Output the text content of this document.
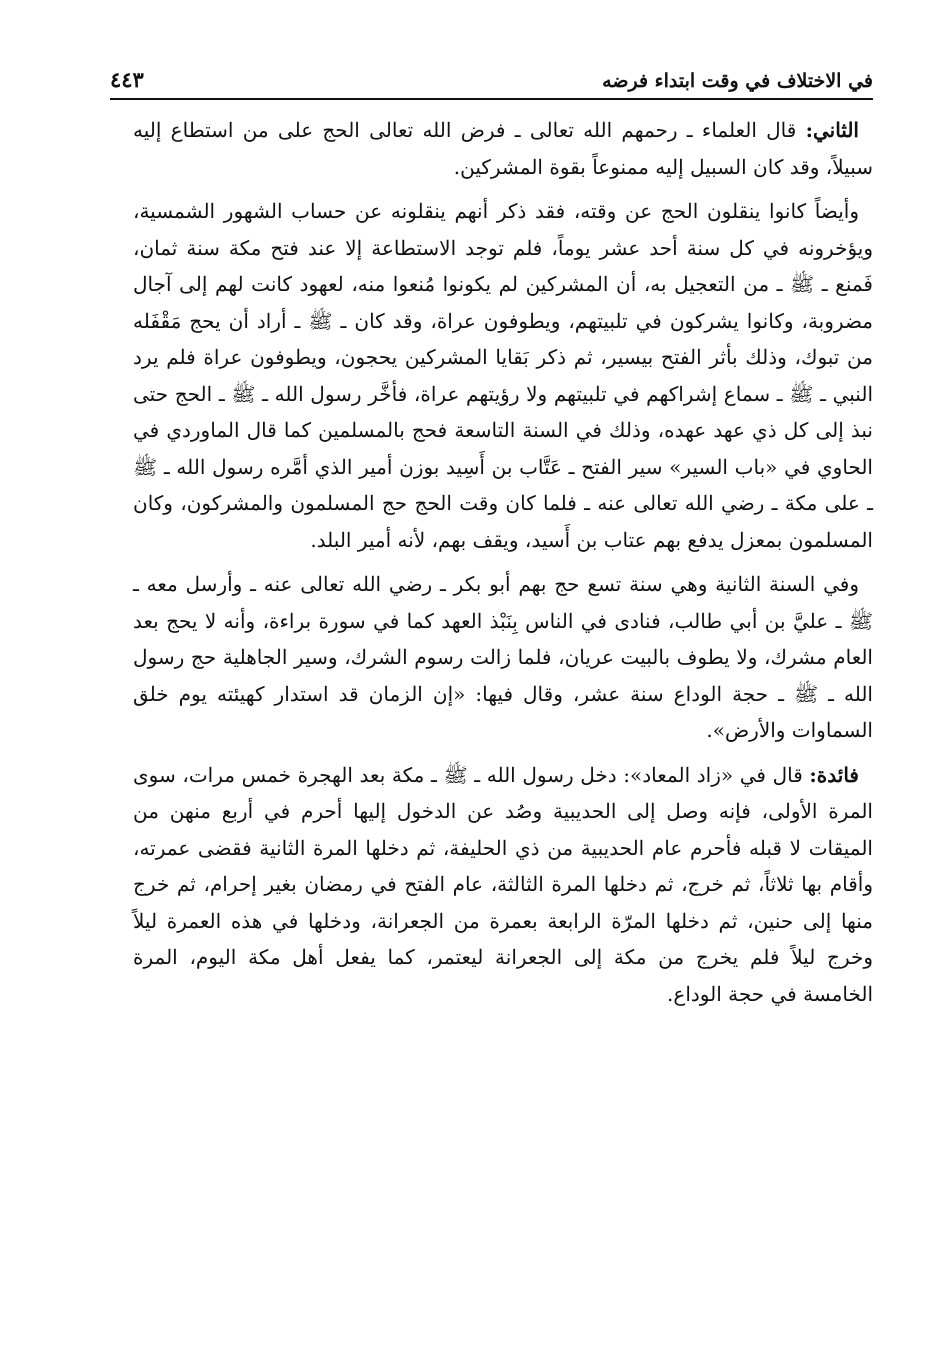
في الاختلاف في وقت ابتداء فرضه
٤٤٣

الثاني: قال العلماء ـ رحمهم الله تعالى ـ فرض الله تعالى الحج على من استطاع إليه سبيلاً، وقد كان السبيل إليه ممنوعاً بقوة المشركين.

وأيضاً كانوا ينقلون الحج عن وقته، فقد ذكر أنهم ينقلونه عن حساب الشهور الشمسية، ويؤخرونه في كل سنة أحد عشر يوماً، فلم توجد الاستطاعة إلا عند فتح مكة سنة ثمان، فَمنع ـ ﷺ ـ من التعجيل به، أن المشركين لم يكونوا مُنعوا منه، لعهود كانت لهم إلى آجال مضروبة، وكانوا يشركون في تلبيتهم، ويطوفون عراة، وقد كان ـ ﷺ ـ أراد أن يحج مَقْفَله من تبوك، وذلك بأثر الفتح بيسير، ثم ذكر بَقايا المشركين يحجون، ويطوفون عراة فلم يرد النبي ـ ﷺ ـ سماع إشراكهم في تلبيتهم ولا رؤيتهم عراة، فأخَّر رسول الله ـ ﷺ ـ الحج حتى نبذ إلى كل ذي عهد عهده، وذلك في السنة التاسعة فحج بالمسلمين كما قال الماوردي في الحاوي في «باب السير» سير الفتح ـ عَتَّاب بن أَسِيد بوزن أمير الذي أمَّره رسول الله ـ ﷺ ـ على مكة ـ رضي الله تعالى عنه ـ فلما كان وقت الحج حج المسلمون والمشركون، وكان المسلمون بمعزل يدفع بهم عتاب بن أَسيد، ويقف بهم، لأنه أمير البلد.

وفي السنة الثانية وهي سنة تسع حج بهم أبو بكر ـ رضي الله تعالى عنه ـ وأرسل معه ـ ﷺ ـ عليَّ بن أبي طالب، فنادى في الناس بِنَبْذ العهد كما في سورة براءة، وأنه لا يحج بعد العام مشرك، ولا يطوف بالبيت عريان، فلما زالت رسوم الشرك، وسير الجاهلية حج رسول الله ـ ﷺ ـ حجة الوداع سنة عشر، وقال فيها: «إن الزمان قد استدار كهيئته يوم خلق السماوات والأرض».

فائدة: قال في «زاد المعاد»: دخل رسول الله ـ ﷺ ـ مكة بعد الهجرة خمس مرات، سوى المرة الأولى، فإنه وصل إلى الحديبية وصُد عن الدخول إليها أحرم في أربع منهن من الميقات لا قبله فأحرم عام الحديبية من ذي الحليفة، ثم دخلها المرة الثانية فقضى عمرته، وأقام بها ثلاثاً، ثم خرج، ثم دخلها المرة الثالثة، عام الفتح في رمضان بغير إحرام، ثم خرج منها إلى حنين، ثم دخلها المرّة الرابعة بعمرة من الجعرانة، ودخلها في هذه العمرة ليلاً وخرج ليلاً فلم يخرج من مكة إلى الجعرانة ليعتمر، كما يفعل أهل مكة اليوم، المرة الخامسة في حجة الوداع.
